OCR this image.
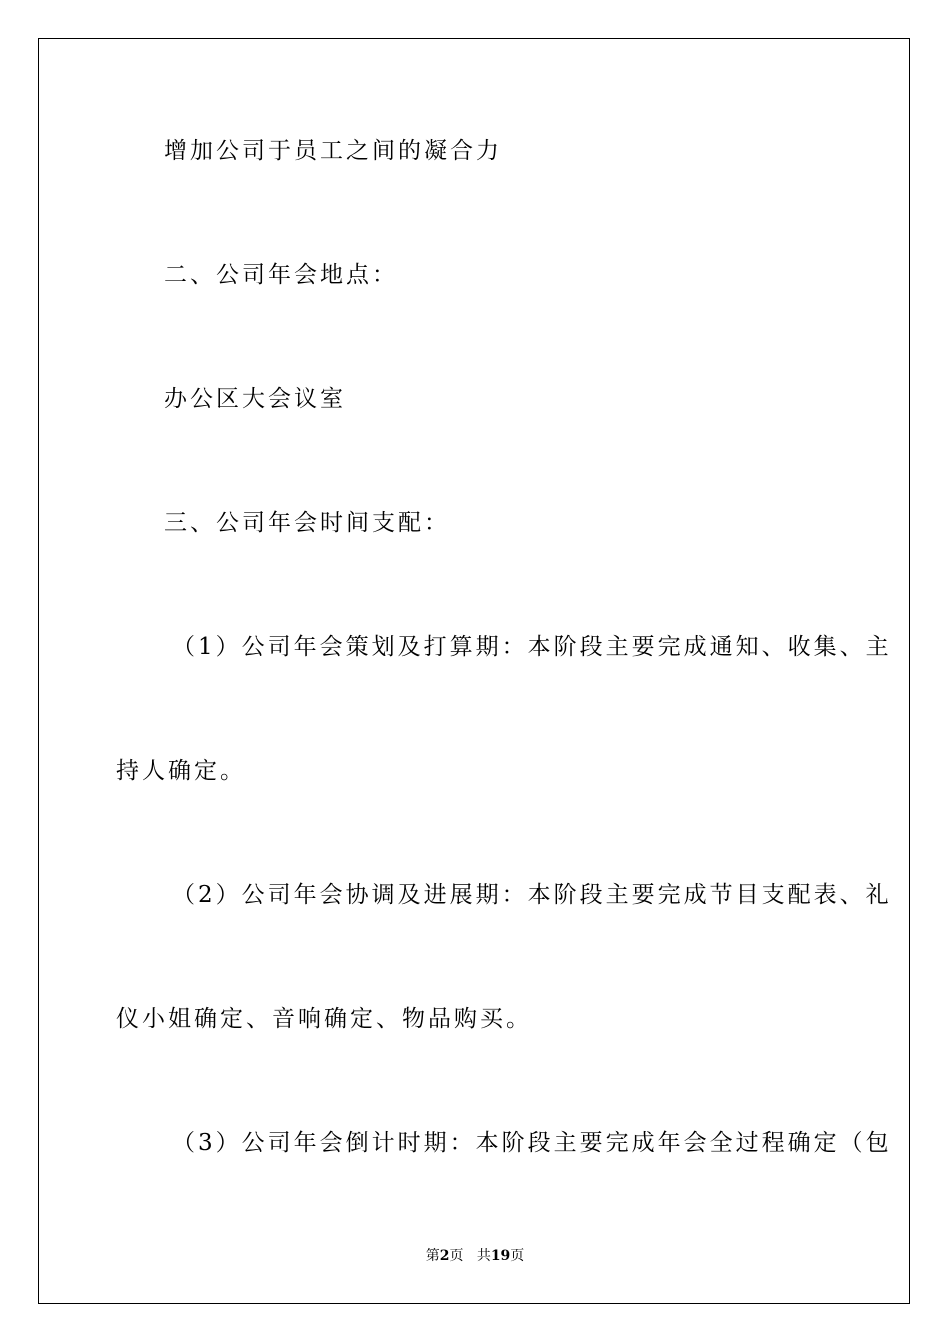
增加公司于员工之间的凝合力
二、公司年会地点：
办公区大会议室
三、公司年会时间支配：
（1）公司年会策划及打算期：本阶段主要完成通知、收集、主
持人确定。
（2）公司年会协调及进展期：本阶段主要完成节目支配表、礼
仪小姐确定、音响确定、物品购买。
（3）公司年会倒计时期：本阶段主要完成年会全过程确定（包
第2页 共19页
